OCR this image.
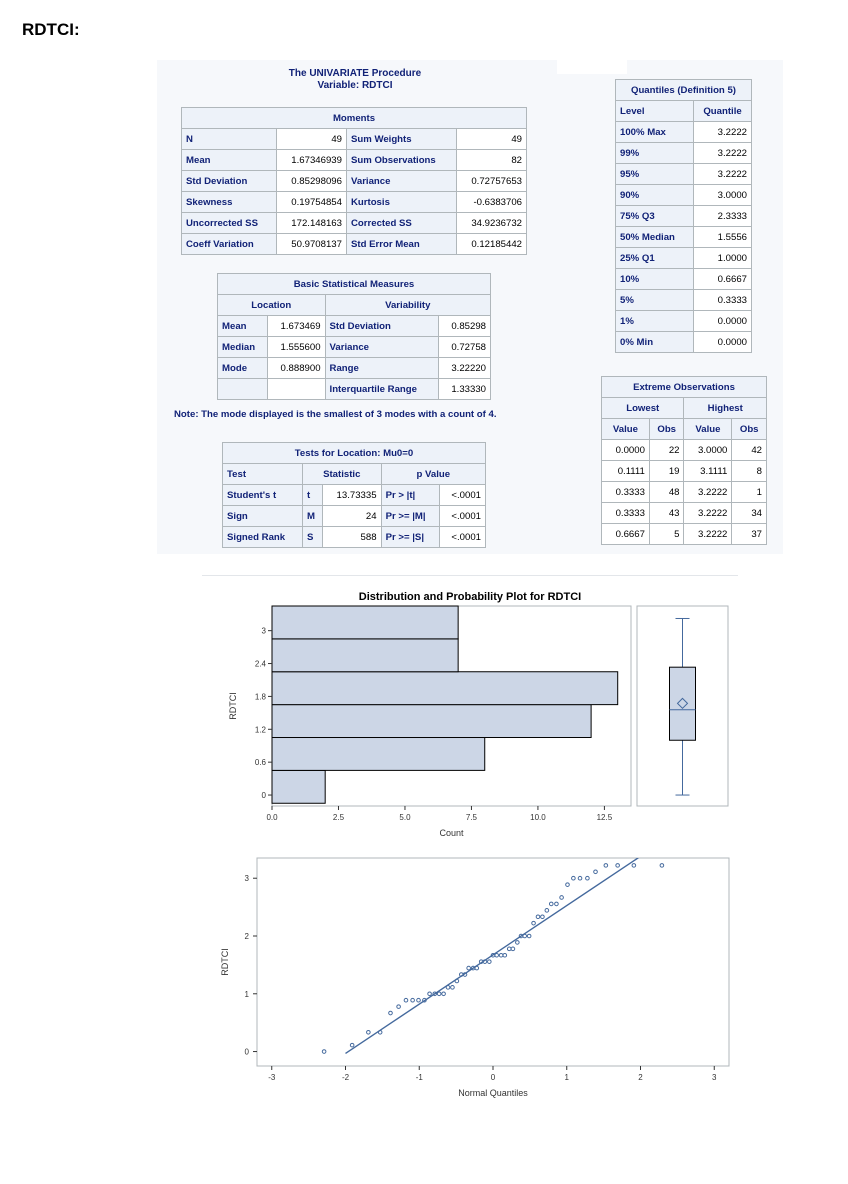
RDTCI:
The UNIVARIATE Procedure
Variable: RDTCI
Moments			
N	49	Sum Weights	49
Mean	1.67346939	Sum Observations	82
Std Deviation	0.85298096	Variance	0.72757653
Skewness	0.19754854	Kurtosis	-0.6383706
Uncorrected SS	172.148163	Corrected SS	34.9236732
Coeff Variation	50.9708137	Std Error Mean	0.12185442
Basic Statistical Measures			
Location		Variability	
Mean	1.673469	Std Deviation	0.85298
Median	1.555600	Variance	0.72758
Mode	0.888900	Range	3.22220
		Interquartile Range	1.33330
Note: The mode displayed is the smallest of 3 modes with a count of 4.
Tests for Location: Mu0=0				
Test	Statistic		p Value	
Student's t	t	13.73335	Pr > |t|	<.0001
Sign	M	24	Pr >= |M|	<.0001
Signed Rank	S	588	Pr >= |S|	<.0001
Quantiles (Definition 5)	
Level	Quantile
100% Max	3.2222
99%	3.2222
95%	3.2222
90%	3.0000
75% Q3	2.3333
50% Median	1.5556
25% Q1	1.0000
10%	0.6667
5%	0.3333
1%	0.0000
0% Min	0.0000
Extreme Observations			
Lowest		Highest	
Value	Obs	Value	Obs
0.0000	22	3.0000	42
0.1111	19	3.1111	8
0.3333	48	3.2222	1
0.3333	43	3.2222	34
0.6667	5	3.2222	37
Distribution and Probability Plot for RDTCI
0.0	2.5	5.0	7.5	10.0	12.5
0
0.6
1.2
1.8
2.4
3
Count
RDTCI
-3	-2	-1	0	1	2	3
0
1
2
3
Normal Quantiles
RDTCI
